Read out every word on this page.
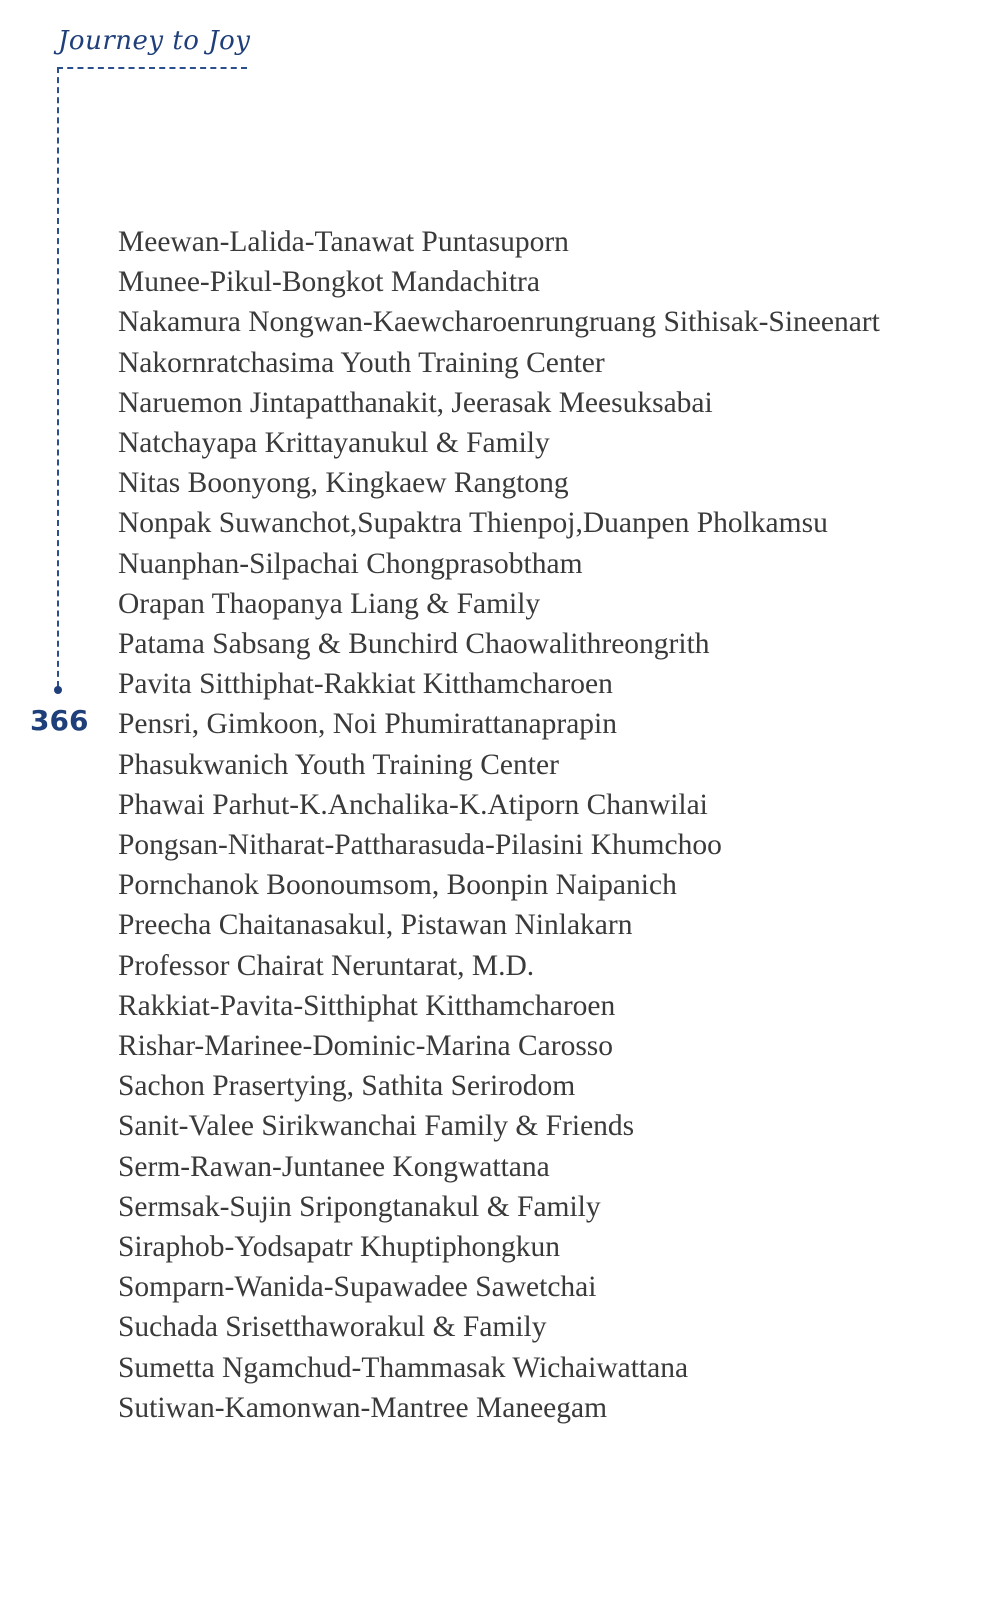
Journey to Joy
366
Meewan-Lalida-Tanawat Puntasuporn
Munee-Pikul-Bongkot Mandachitra
Nakamura Nongwan-Kaewcharoenrungruang Sithisak-Sineenart
Nakornratchasima Youth Training Center
Naruemon Jintapatthanakit, Jeerasak Meesuksabai
Natchayapa Krittayanukul & Family
Nitas Boonyong, Kingkaew Rangtong
Nonpak Suwanchot,Supaktra Thienpoj,Duanpen Pholkamsu
Nuanphan-Silpachai Chongprasobtham
Orapan Thaopanya Liang & Family
Patama Sabsang & Bunchird Chaowalithreongrith
Pavita Sitthiphat-Rakkiat Kitthamcharoen
Pensri, Gimkoon, Noi Phumirattanaprapin
Phasukwanich Youth Training Center
Phawai Parhut-K.Anchalika-K.Atiporn Chanwilai
Pongsan-Nitharat-Pattharasuda-Pilasini Khumchoo
Pornchanok Boonoumsom, Boonpin Naipanich
Preecha Chaitanasakul, Pistawan Ninlakarn
Professor Chairat Neruntarat, M.D.
Rakkiat-Pavita-Sitthiphat Kitthamcharoen
Rishar-Marinee-Dominic-Marina Carosso
Sachon Prasertying, Sathita Serirodom
Sanit-Valee Sirikwanchai Family & Friends
Serm-Rawan-Juntanee Kongwattana
Sermsak-Sujin Sripongtanakul & Family
Siraphob-Yodsapatr Khuptiphongkun
Somparn-Wanida-Supawadee Sawetchai
Suchada Srisetthaworakul & Family
Sumetta Ngamchud-Thammasak Wichaiwattana
Sutiwan-Kamonwan-Mantree Maneegam
